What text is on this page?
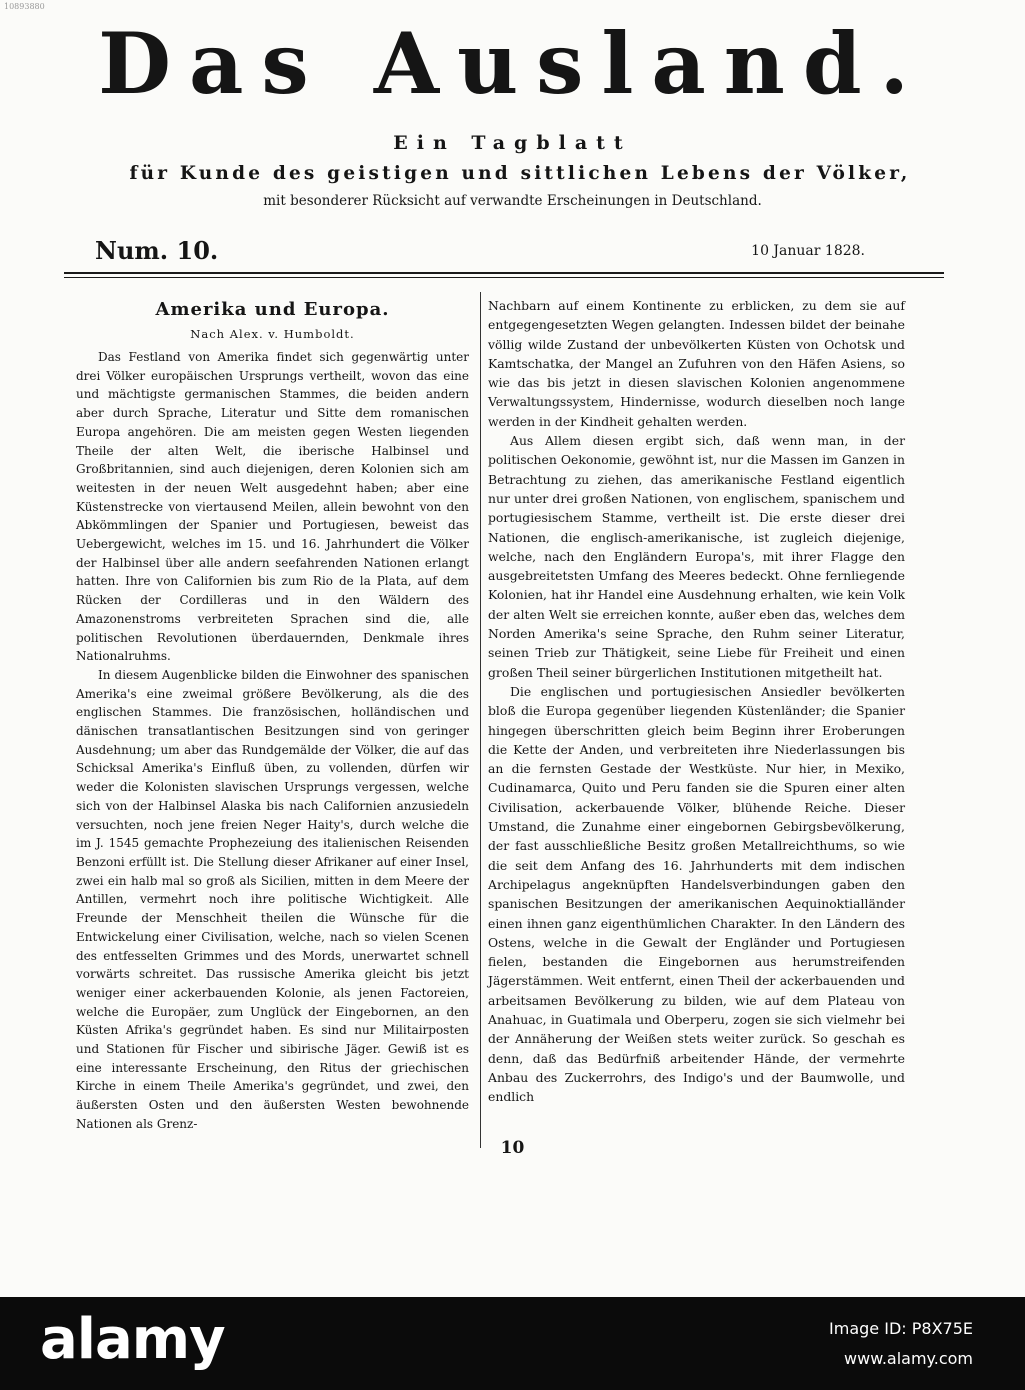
10893880
Das Ausland.
Ein Tagblatt
für Kunde des geistigen und sittlichen Lebens der Völker,
mit besonderer Rücksicht auf verwandte Erscheinungen in Deutschland.
Num. 10.	10 Januar 1828.
Amerika und Europa.
Nach Alex. v. Humboldt.

Das Festland von Amerika findet sich gegenwärtig unter drei Völker europäischen Ursprungs vertheilt, wovon das eine und mächtigste germanischen Stammes, die beiden andern aber durch Sprache, Literatur und Sitte dem romanischen Europa angehören. Die am meisten gegen Westen liegenden Theile der alten Welt, die iberische Halbinsel und Großbritannien, sind auch diejenigen, deren Kolonien sich am weitesten in der neuen Welt ausgedehnt haben; aber eine Küstenstrecke von viertausend Meilen, allein bewohnt von den Abkömmlingen der Spanier und Portugiesen, beweist das Uebergewicht, welches im 15. und 16. Jahrhundert die Völker der Halbinsel über alle andern seefahrenden Nationen erlangt hatten. Ihre von Californien bis zum Rio de la Plata, auf dem Rücken der Cordilleras und in den Wäldern des Amazonenstroms verbreiteten Sprachen sind die, alle politischen Revolutionen überdauernden, Denkmale ihres Nationalruhms.

In diesem Augenblicke bilden die Einwohner des spanischen Amerika's eine zweimal größere Bevölkerung, als die des englischen Stammes. Die französischen, holländischen und dänischen transatlantischen Besitzungen sind von geringer Ausdehnung; um aber das Rundgemälde der Völker, die auf das Schicksal Amerika's Einfluß üben, zu vollenden, dürfen wir weder die Kolonisten slavischen Ursprungs vergessen, welche sich von der Halbinsel Alaska bis nach Californien anzusiedeln versuchten, noch jene freien Neger Haity's, durch welche die im J. 1545 gemachte Prophezeiung des italienischen Reisenden Benzoni erfüllt ist. Die Stellung dieser Afrikaner auf einer Insel, zwei ein halb mal so groß als Sicilien, mitten in dem Meere der Antillen, vermehrt noch ihre politische Wichtigkeit. Alle Freunde der Menschheit theilen die Wünsche für die Entwickelung einer Civilisation, welche, nach so vielen Scenen des entfesselten Grimmes und des Mords, unerwartet schnell vorwärts schreitet. Das russische Amerika gleicht bis jetzt weniger einer ackerbauenden Kolonie, als jenen Factoreien, welche die Europäer, zum Unglück der Eingebornen, an den Küsten Afrika's gegründet haben. Es sind nur Militairposten und Stationen für Fischer und sibirische Jäger. Gewiß ist es eine interessante Erscheinung, den Ritus der griechischen Kirche in einem Theile Amerika's gegründet, und zwei, den äußersten Osten und den äußersten Westen bewohnende Nationen als Grenz-

Nachbarn auf einem Kontinente zu erblicken, zu dem sie auf entgegengesetzten Wegen gelangten. Indessen bildet der beinahe völlig wilde Zustand der unbevölkerten Küsten von Ochotsk und Kamtschatka, der Mangel an Zufuhren von den Häfen Asiens, so wie das bis jetzt in diesen slavischen Kolonien angenommene Verwaltungssystem, Hindernisse, wodurch dieselben noch lange werden in der Kindheit gehalten werden.

Aus Allem diesen ergibt sich, daß wenn man, in der politischen Oekonomie, gewöhnt ist, nur die Massen im Ganzen in Betrachtung zu ziehen, das amerikanische Festland eigentlich nur unter drei großen Nationen, von englischem, spanischem und portugiesischem Stamme, vertheilt ist. Die erste dieser drei Nationen, die englisch-amerikanische, ist zugleich diejenige, welche, nach den Engländern Europa's, mit ihrer Flagge den ausgebreitetsten Umfang des Meeres bedeckt. Ohne fernliegende Kolonien, hat ihr Handel eine Ausdehnung erhalten, wie kein Volk der alten Welt sie erreichen konnte, außer eben das, welches dem Norden Amerika's seine Sprache, den Ruhm seiner Literatur, seinen Trieb zur Thätigkeit, seine Liebe für Freiheit und einen großen Theil seiner bürgerlichen Institutionen mitgetheilt hat.

Die englischen und portugiesischen Ansiedler bevölkerten bloß die Europa gegenüber liegenden Küstenländer; die Spanier hingegen überschritten gleich beim Beginn ihrer Eroberungen die Kette der Anden, und verbreiteten ihre Niederlassungen bis an die fernsten Gestade der Westküste. Nur hier, in Mexiko, Cudinamarca, Quito und Peru fanden sie die Spuren einer alten Civilisation, ackerbauende Völker, blühende Reiche. Dieser Umstand, die Zunahme einer eingebornen Gebirgsbevölkerung, der fast ausschließliche Besitz großen Metallreichthums, so wie die seit dem Anfang des 16. Jahrhunderts mit dem indischen Archipelagus angeknüpften Handelsverbindungen gaben den spanischen Besitzungen der amerikanischen Aequinoktialländer einen ihnen ganz eigenthümlichen Charakter. In den Ländern des Ostens, welche in die Gewalt der Engländer und Portugiesen fielen, bestanden die Eingebornen aus herumstreifenden Jägerstämmen. Weit entfernt, einen Theil der ackerbauenden und arbeitsamen Bevölkerung zu bilden, wie auf dem Plateau von Anahuac, in Guatimala und Oberperu, zogen sie sich vielmehr bei der Annäherung der Weißen stets weiter zurück. So geschah es denn, daß das Bedürfniß arbeitender Hände, der vermehrte Anbau des Zuckerrohrs, des Indigo's und der Baumwolle, und endlich

10
alamy	Image ID: P8X75E
www.alamy.com
